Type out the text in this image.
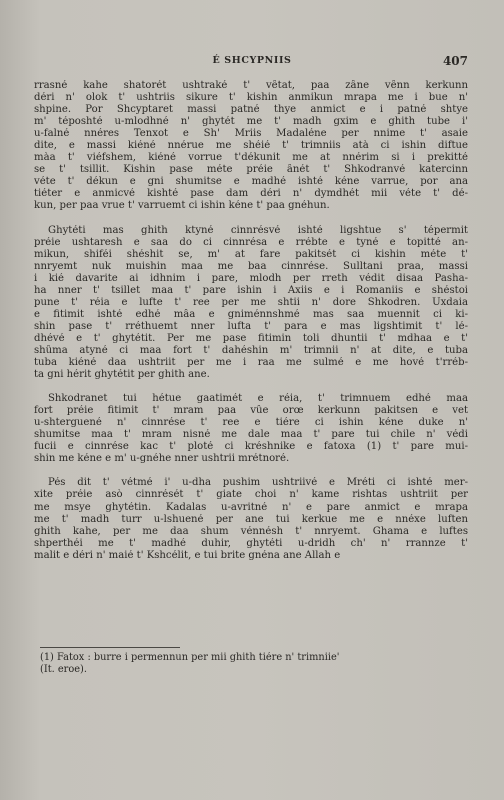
É SHCYPNIIS	407
rrasné kahe shatorét ushtraké t' vêtat, paa zâne vênn kerkunn
déri n' olok t' ushtriis sikure t' kishin anmikun mrapa me i bue n'
shpine. Por Shcyptaret massi patné thye anmict e i patné shtye
m' téposhté u-mlodhné n' ghytét me t' madh gxim e ghith tube i'
u-falné nnéres Tenxot e Sh' Mriis Madaléne per nnime t' asaie
dite, e massi kiéné nnérue me shéié t' trimniis atà ci ishin diftue
màa t' viéfshem, kiéné vorrue t'dékunit me at nnérim si i prekitté
se t' tsillit. Kishin pase méte préie ânét t' Shkodranvé katercinn
véte t' dékun e gni shumitse e madhé ishté kéne varrue, por ana
tiéter e anmicvé kishté pase dam déri n' dymdhét mii véte t' dé-
kun, per paa vrue t' varruemt ci ishin kéne t' paa gnéhun.
Ghytéti mas ghith ktyné cinnrésvé ishté ligshtue s' tépermit
préie ushtaresh e saa do ci cinnrésa e rrébte e tyné e topitté an-
mikun, shiféi shéshit se, m' at fare pakitsét ci kishin méte t'
nnryemt nuk muishin maa me baa cinnrése. Sulltani praa, massi
i kié davarite ai idhnim i pare, mlodh per rreth védit disaa Pasha-
ha nner t' tsillet maa t' pare ishin i Axiis e i Romaniis e shéstoi
pune t' réia e lufte t' ree per me shtii n' dore Shkodren. Uxdaia
e fitimit ishté edhé mâa e gniménnshmé mas saa muennit ci ki-
shin pase t' rréthuemt nner lufta t' para e mas ligshtimit t' lé-
dhévé e t' ghytétit. Per me pase fitimin toli dhuntii t' mdhaa e t'
shûma atyné ci maa fort t' dahéshin m' trimnii n' at dite, e tuba
tuba kiéné daa ushtriit per me i raa me sulmé e me hové t'rréb-
ta gni hérit ghytétit per ghith ane.
Shkodranet tui hétue gaatimét e réia, t' trimnuem edhé maa
fort préie fitimit t' mram paa vûe orœ kerkunn pakitsen e vet
u-shterguené n' cinnrése t' ree e tiére ci ishin kéne duke n'
shumitse maa t' mram nisné me dale maa t' pare tui chile n' védi
fucii e cinnrése kac t' ploté ci kréshnike e fatoxa (1) t' pare mui-
shin me kéne e m' u-gnéhe nner ushtrii mrétnoré.
Pés dit t' vétmé i' u-dha pushim ushtriivé e Mréti ci ishté mer-
xite préie asò cinnrését t' giate choi n' kame rishtas ushtriit per
me msye ghytétin. Kadalas u-avritné n' e pare anmict e mrapa
me t' madh turr u-lshuené per ane tui kerkue me e nnéxe luften
ghith kahe, per me daa shum vénnésh t' nnryemt. Ghama e luftes
shperthéi me t' madhé duhir, ghytéti u-dridh ch' n' rrannze t'
malit e déri n' maié t' Kshcélit, e tui brite gnéna ane Allah e
(1) Fatox : burre i permennun per mii ghith tiére n' trimniie'
(It. eroe).
